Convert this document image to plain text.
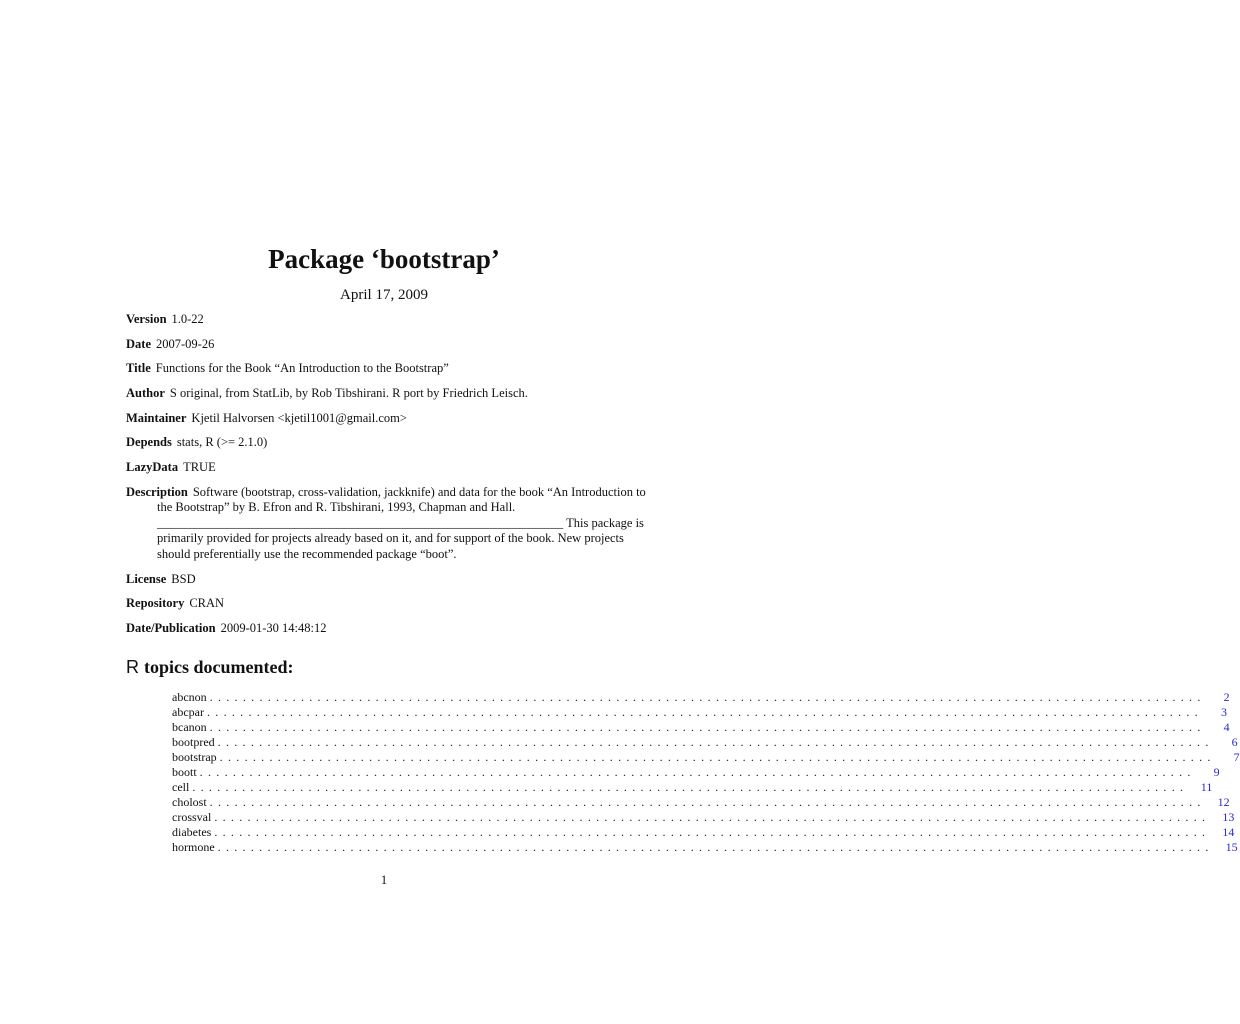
Package ‘bootstrap’
April 17, 2009
Version 1.0-22
Date 2007-09-26
Title Functions for the Book “An Introduction to the Bootstrap”
Author S original, from StatLib, by Rob Tibshirani. R port by Friedrich Leisch.
Maintainer Kjetil Halvorsen <kjetil1001@gmail.com>
Depends stats, R (>= 2.1.0)
LazyData TRUE
Description Software (bootstrap, cross-validation, jackknife) and data for the book “An Introduction to the Bootstrap” by B. Efron and R. Tibshirani, 1993, Chapman and Hall. _________________________________________________________________ This package is primarily provided for projects already based on it, and for support of the book. New projects should preferentially use the recommended package “boot”.
License BSD
Repository CRAN
Date/Publication 2009-01-30 14:48:12
R topics documented:
abcnon ........................................................................................................................	2
abcpar ........................................................................................................................	3
bcanon ........................................................................................................................	4
bootpred ........................................................................................................................	6
bootstrap ........................................................................................................................	7
boott ........................................................................................................................	9
cell ........................................................................................................................	11
cholost ........................................................................................................................	12
crossval ........................................................................................................................	13
diabetes ........................................................................................................................	14
hormone ........................................................................................................................	15
1
